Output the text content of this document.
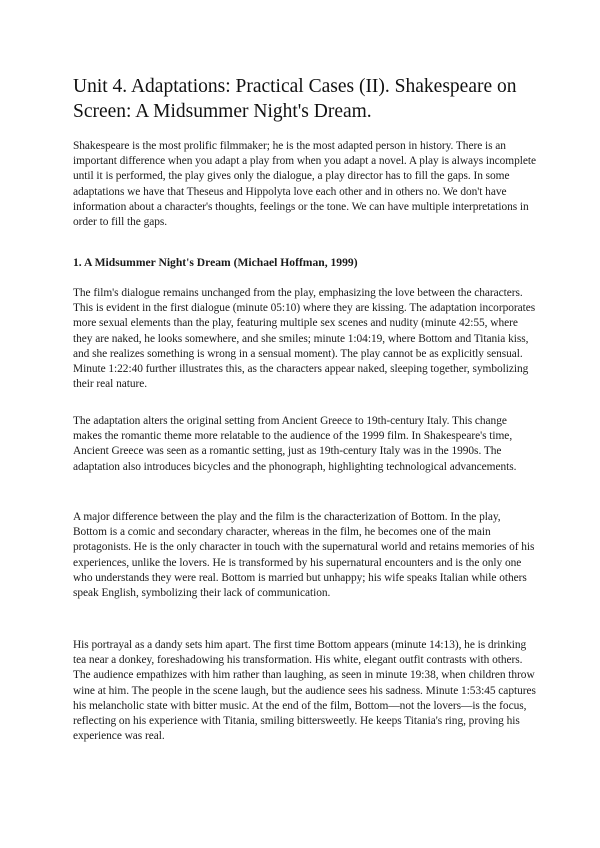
Unit 4. Adaptations: Practical Cases (II). Shakespeare on Screen: A Midsummer Night's Dream.

Shakespeare is the most prolific filmmaker; he is the most adapted person in history. There is an important difference when you adapt a play from when you adapt a novel. A play is always incomplete until it is performed, the play gives only the dialogue, a play director has to fill the gaps. In some adaptations we have that Theseus and Hippolyta love each other and in others no. We don't have information about a character's thoughts, feelings or the tone. We can have multiple interpretations in order to fill the gaps.

1. A Midsummer Night's Dream (Michael Hoffman, 1999)

The film's dialogue remains unchanged from the play, emphasizing the love between the characters. This is evident in the first dialogue (minute 05:10) where they are kissing. The adaptation incorporates more sexual elements than the play, featuring multiple sex scenes and nudity (minute 42:55, where they are naked, he looks somewhere, and she smiles; minute 1:04:19, where Bottom and Titania kiss, and she realizes something is wrong in a sensual moment). The play cannot be as explicitly sensual. Minute 1:22:40 further illustrates this, as the characters appear naked, sleeping together, symbolizing their real nature.

The adaptation alters the original setting from Ancient Greece to 19th-century Italy. This change makes the romantic theme more relatable to the audience of the 1999 film. In Shakespeare's time, Ancient Greece was seen as a romantic setting, just as 19th-century Italy was in the 1990s. The adaptation also introduces bicycles and the phonograph, highlighting technological advancements.

A major difference between the play and the film is the characterization of Bottom. In the play, Bottom is a comic and secondary character, whereas in the film, he becomes one of the main protagonists. He is the only character in touch with the supernatural world and retains memories of his experiences, unlike the lovers. He is transformed by his supernatural encounters and is the only one who understands they were real. Bottom is married but unhappy; his wife speaks Italian while others speak English, symbolizing their lack of communication.

His portrayal as a dandy sets him apart. The first time Bottom appears (minute 14:13), he is drinking tea near a donkey, foreshadowing his transformation. His white, elegant outfit contrasts with others. The audience empathizes with him rather than laughing, as seen in minute 19:38, when children throw wine at him. The people in the scene laugh, but the audience sees his sadness. Minute 1:53:45 captures his melancholic state with bitter music. At the end of the film, Bottom—not the lovers—is the focus, reflecting on his experience with Titania, smiling bittersweetly. He keeps Titania's ring, proving his experience was real.
